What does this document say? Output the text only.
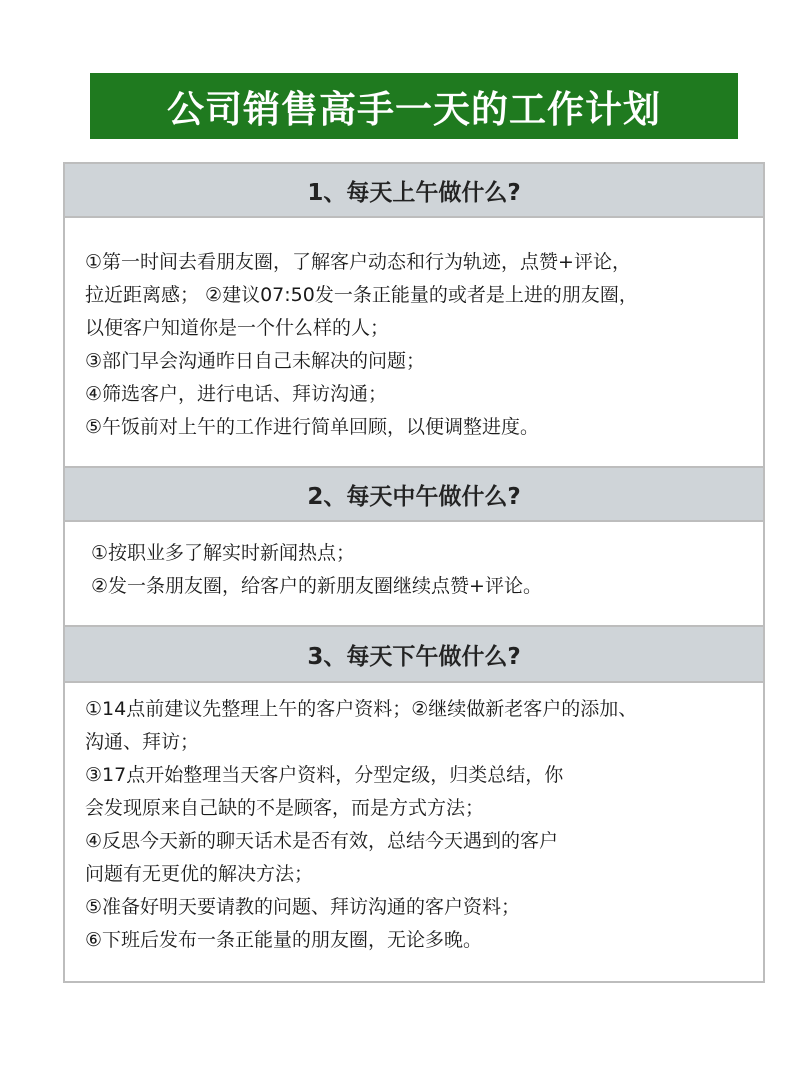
公司销售高手一天的工作计划
1、每天上午做什么?
①第一时间去看朋友圈，了解客户动态和行为轨迹，点赞+评论，
拉近距离感； ②建议07:50发一条正能量的或者是上进的朋友圈，
以便客户知道你是一个什么样的人；
③部门早会沟通昨日自己未解决的问题；
④筛选客户，进行电话、拜访沟通；
⑤午饭前对上午的工作进行简单回顾，以便调整进度。
2、每天中午做什么?
①按职业多了解实时新闻热点；
②发一条朋友圈，给客户的新朋友圈继续点赞+评论。
3、每天下午做什么?
①14点前建议先整理上午的客户资料；②继续做新老客户的添加、
沟通、拜访；
③17点开始整理当天客户资料，分型定级，归类总结，你
会发现原来自己缺的不是顾客，而是方式方法；
④反思今天新的聊天话术是否有效，总结今天遇到的客户
问题有无更优的解决方法；
⑤准备好明天要请教的问题、拜访沟通的客户资料；
⑥下班后发布一条正能量的朋友圈，无论多晚。
